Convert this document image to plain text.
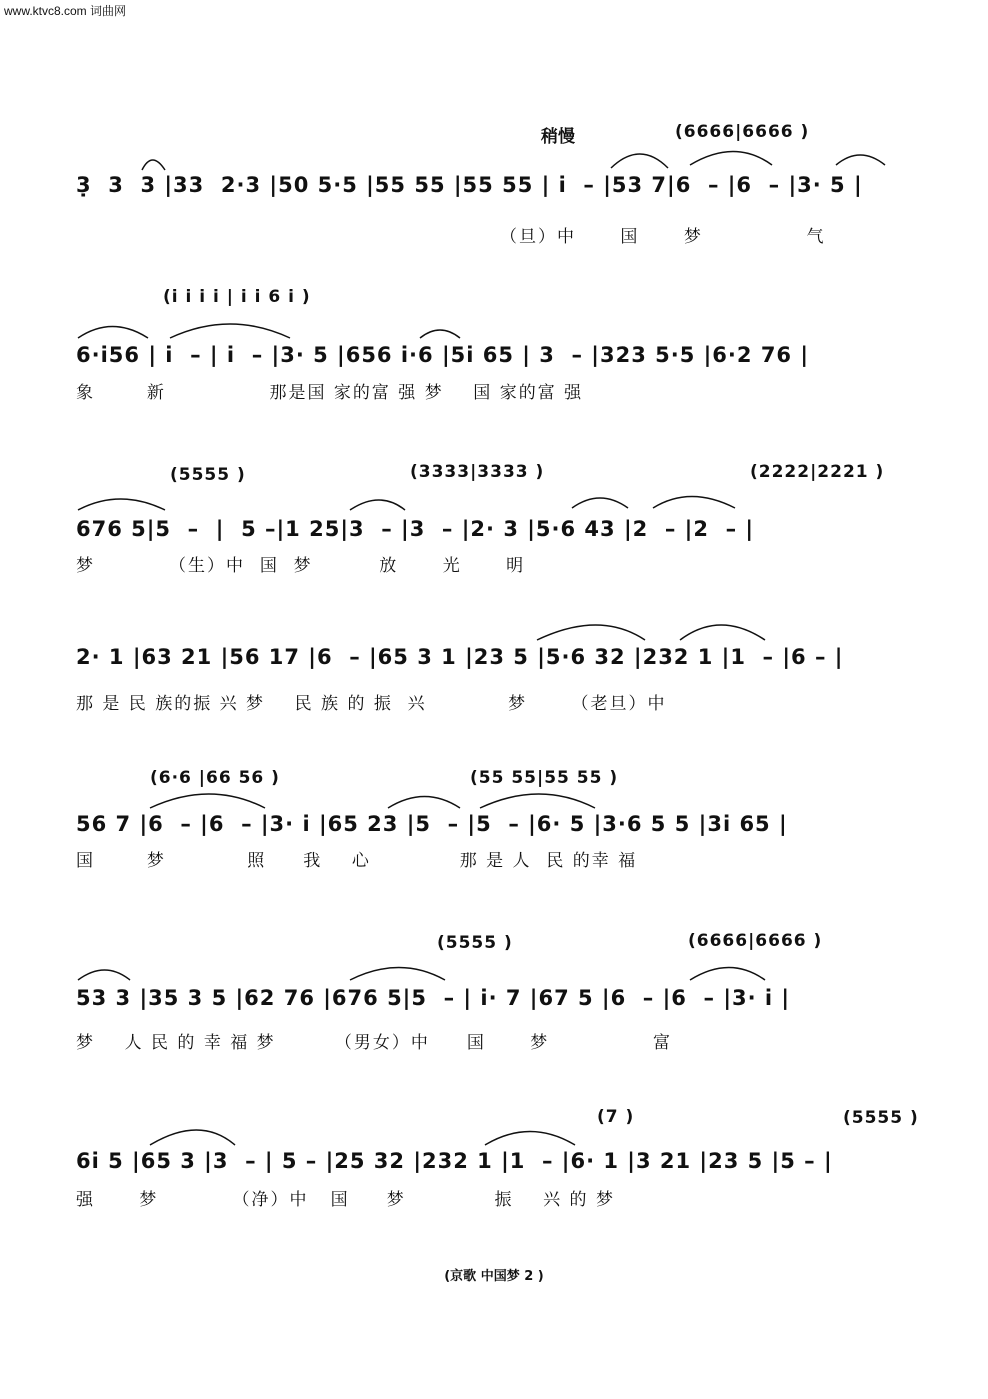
www.ktvc8.com 词曲网
稍慢	(6666|6666 )
3̣  3  3 |33  2·3 |50 5·5 |55 55 |55 55 | i  – |53 7|6  – |6  – |3· 5 |
（旦）中      国      梦              气
(i i i i | i i 6 i )
6·i56 | i  – | i  – |3· 5 |656 i·6 |5i 65 | 3  – |323 5·5 |6·2 76 |
象       新              那是国 家的富 强 梦    国 家的富 强
(5555 )	(3333|3333 )	(2222|2221 )
676 5|5  –  |  5 –|1 25|3  – |3  – |2· 3 |5·6 43 |2  – |2  – |
梦          （生）中  国  梦         放      光      明
2· 1 |63 21 |56 17 |6  – |65 3 1 |23 5 |5·6 32 |232 1 |1  – |6 – |
那 是 民 族的振 兴 梦    民 族 的 振  兴           梦      （老旦）中
(6·6 |66 56 )	(55 55|55 55 )
56 7 |6  – |6  – |3· i |65 23 |5  – |5  – |6· 5 |3·6 5 5 |3i 65 |
国       梦           照     我    心            那 是 人  民 的幸 福
(5555 )	(6666|6666 )
53 3 |35 3 5 |62 76 |676 5|5  – | i· 7 |67 5 |6  – |6  – |3· i |
梦    人 民 的 幸 福 梦        （男女）中     国      梦              富
(7 )	(5555 )
6i 5 |65 3 |3  – | 5 – |25 32 |232 1 |1  – |6· 1 |3 21 |23 5 |5 – |
强      梦          （净）中   国     梦            振    兴 的 梦
(京歌 中国梦 2 )
